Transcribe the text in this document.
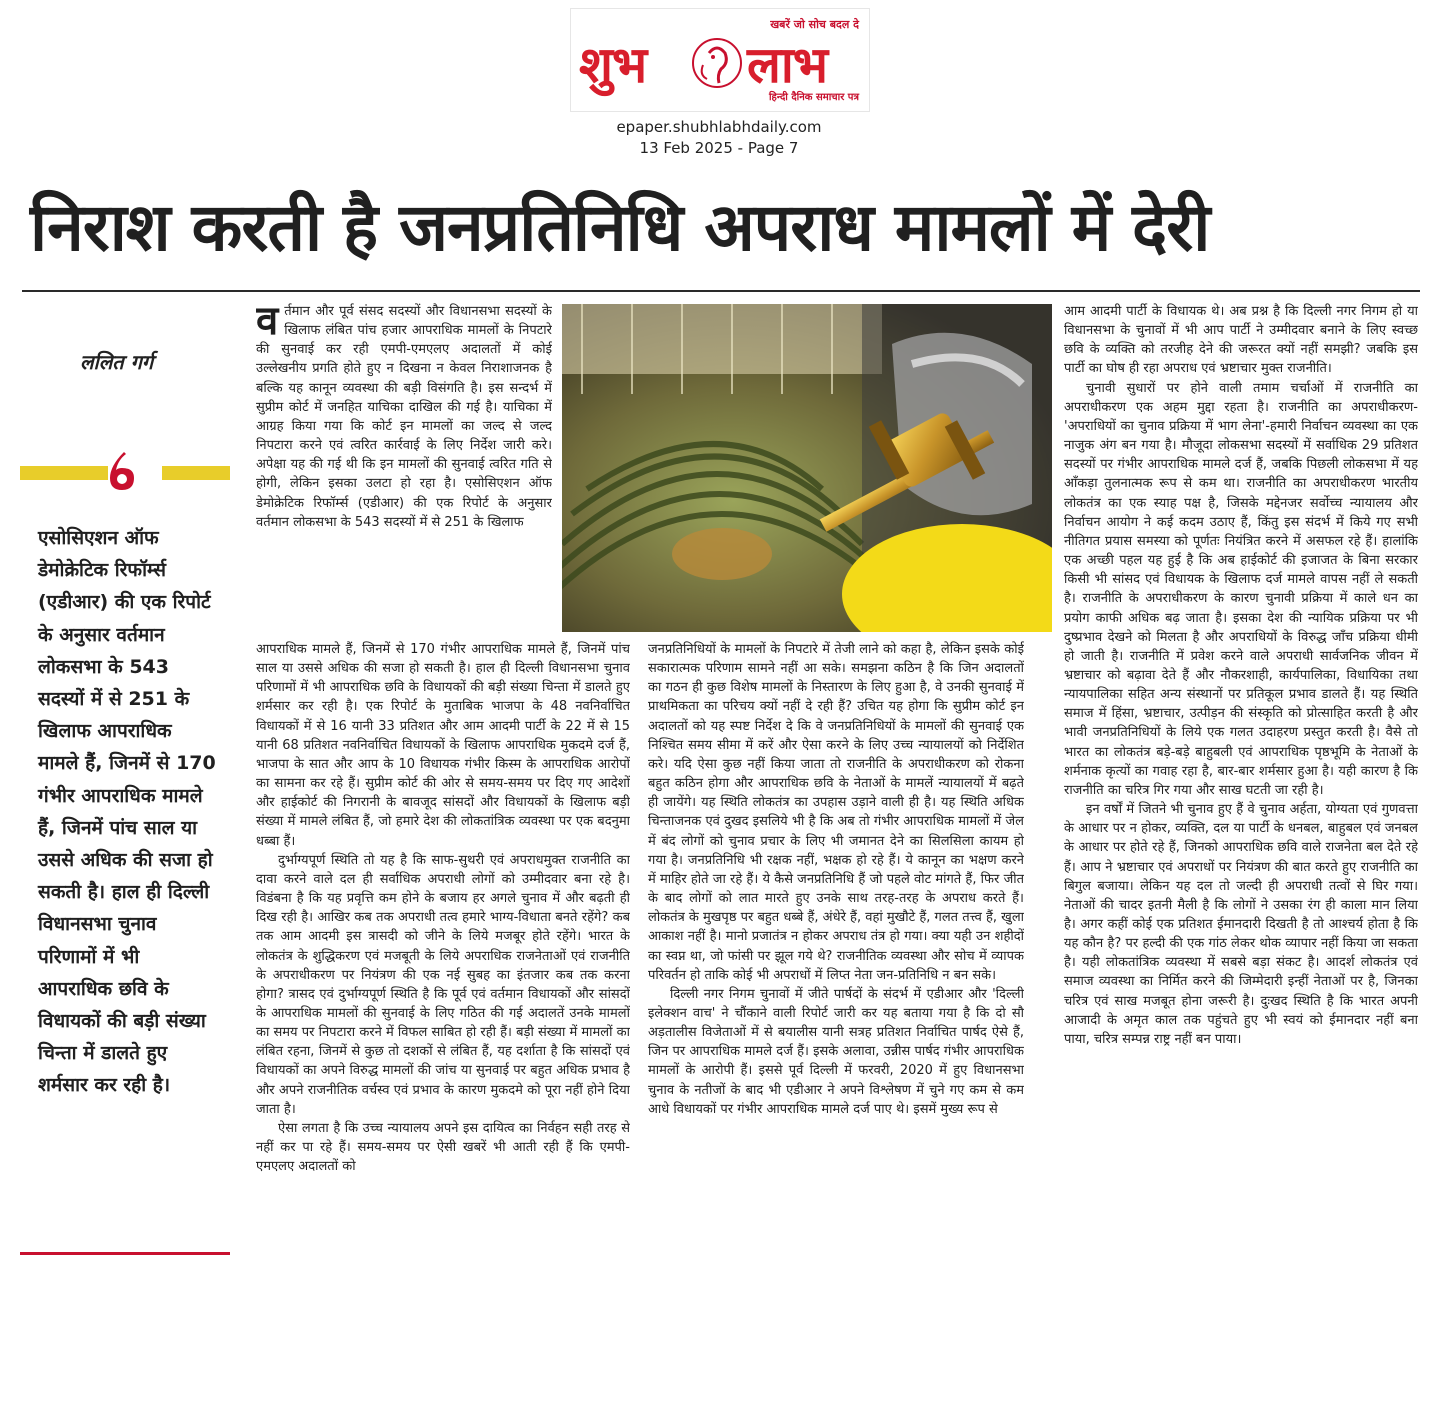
खबरें जो सोच बदल दे
शुभ लाभ
हिन्दी दैनिक समाचार पत्र
epaper.shubhlabhdaily.com
13 Feb 2025 - Page 7
निराश करती है जनप्रतिनिधि अपराध मामलों में देरी
ललित गर्ग
एसोसिएशन ऑफ डेमोक्रेटिक रिफॉर्म्स (एडीआर) की एक रिपोर्ट के अनुसार वर्तमान लोकसभा के 543 सदस्यों में से 251 के खिलाफ आपराधिक मामले हैं, जिनमें से 170 गंभीर आपराधिक मामले हैं, जिनमें पांच साल या उससे अधिक की सजा हो सकती है। हाल ही दिल्ली विधानसभा चुनाव परिणामों में भी आपराधिक छवि के विधायकों की बड़ी संख्या चिन्ता में डालते हुए शर्मसार कर रही है।

वर्तमान और पूर्व संसद सदस्यों और विधानसभा सदस्यों के खिलाफ लंबित पांच हजार आपराधिक मामलों के निपटारे की सुनवाई कर रही एमपी-एमएलए अदालतों में कोई उल्लेखनीय प्रगति होते हुए न दिखना न केवल निराशाजनक है बल्कि यह कानून व्यवस्था की बड़ी विसंगति है। इस सन्दर्भ में सुप्रीम कोर्ट में जनहित याचिका दाखिल की गई है। याचिका में आग्रह किया गया कि कोर्ट इन मामलों का जल्द से जल्द निपटारा करने एवं त्वरित कार्रवाई के लिए निर्देश जारी करे। अपेक्षा यह की गई थी कि इन मामलों की सुनवाई त्वरित गति से होगी, लेकिन इसका उलटा हो रहा है। एसोसिएशन ऑफ डेमोक्रेटिक रिफॉर्म्स (एडीआर) की एक रिपोर्ट के अनुसार वर्तमान लोकसभा के 543 सदस्यों में से 251 के खिलाफ

आपराधिक मामले हैं, जिनमें से 170 गंभीर आपराधिक मामले हैं, जिनमें पांच साल या उससे अधिक की सजा हो सकती है। हाल ही दिल्ली विधानसभा चुनाव परिणामों में भी आपराधिक छवि के विधायकों की बड़ी संख्या चिन्ता में डालते हुए शर्मसार कर रही है। एक रिपोर्ट के मुताबिक भाजपा के 48 नवनिर्वाचित विधायकों में से 16 यानी 33 प्रतिशत और आम आदमी पार्टी के 22 में से 15 यानी 68 प्रतिशत नवनिर्वाचित विधायकों के खिलाफ आपराधिक मुकदमे दर्ज हैं, भाजपा के सात और आप के 10 विधायक गंभीर किस्म के आपराधिक आरोपों का सामना कर रहे हैं। सुप्रीम कोर्ट की ओर से समय-समय पर दिए गए आदेशों और हाईकोर्ट की निगरानी के बावजूद सांसदों और विधायकों के खिलाफ बड़ी संख्या में मामले लंबित हैं, जो हमारे देश की लोकतांत्रिक व्यवस्था पर एक बदनुमा धब्बा हैं।

दुर्भाग्यपूर्ण स्थिति तो यह है कि साफ-सुथरी एवं अपराधमुक्त राजनीति का दावा करने वाले दल ही सर्वाधिक अपराधी लोगों को उम्मीदवार बना रहे है। विडंबना है कि यह प्रवृत्ति कम होने के बजाय हर अगले चुनाव में और बढ़ती ही दिख रही है। आखिर कब तक अपराधी तत्व हमारे भाग्य-विधाता बनते रहेंगे? कब तक आम आदमी इस त्रासदी को जीने के लिये मजबूर होते रहेंगे। भारत के लोकतंत्र के शुद्धिकरण एवं मजबूती के लिये अपराधिक राजनेताओं एवं राजनीति के अपराधीकरण पर नियंत्रण की एक नई सुबह का इंतजार कब तक करना होगा? त्रासद एवं दुर्भाग्यपूर्ण स्थिति है कि पूर्व एवं वर्तमान विधायकों और सांसदों के आपराधिक मामलों की सुनवाई के लिए गठित की गई अदालतें उनके मामलों का समय पर निपटारा करने में विफल साबित हो रही हैं। बड़ी संख्या में मामलों का लंबित रहना, जिनमें से कुछ तो दशकों से लंबित हैं, यह दर्शाता है कि सांसदों एवं विधायकों का अपने विरुद्ध मामलों की जांच या सुनवाई पर बहुत अधिक प्रभाव है और अपने राजनीतिक वर्चस्व एवं प्रभाव के कारण मुकदमे को पूरा नहीं होने दिया जाता है।

ऐसा लगता है कि उच्च न्यायालय अपने इस दायित्व का निर्वहन सही तरह से नहीं कर पा रहे हैं। समय-समय पर ऐसी खबरें भी आती रही हैं कि एमपी-एमएलए अदालतों को

जनप्रतिनिधियों के मामलों के निपटारे में तेजी लाने को कहा है, लेकिन इसके कोई सकारात्मक परिणाम सामने नहीं आ सके। समझना कठिन है कि जिन अदालतों का गठन ही कुछ विशेष मामलों के निस्तारण के लिए हुआ है, वे उनकी सुनवाई में प्राथमिकता का परिचय क्यों नहीं दे रही हैं? उचित यह होगा कि सुप्रीम कोर्ट इन अदालतों को यह स्पष्ट निर्देश दे कि वे जनप्रतिनिधियों के मामलों की सुनवाई एक निश्चित समय सीमा में करें और ऐसा करने के लिए उच्च न्यायालयों को निर्देशित करे। यदि ऐसा कुछ नहीं किया जाता तो राजनीति के अपराधीकरण को रोकना बहुत कठिन होगा और आपराधिक छवि के नेताओं के मामलें न्यायालयों में बढ़ते ही जायेंगे। यह स्थिति लोकतंत्र का उपहास उड़ाने वाली ही है। यह स्थिति अधिक चिन्ताजनक एवं दुखद इसलिये भी है कि अब तो गंभीर आपराधिक मामलों में जेल में बंद लोगों को चुनाव प्रचार के लिए भी जमानत देने का सिलसिला कायम हो गया है। जनप्रतिनिधि भी रक्षक नहीं, भक्षक हो रहे हैं। ये कानून का भक्षण करने में माहिर होते जा रहे हैं। ये कैसे जनप्रतिनिधि हैं जो पहले वोट मांगते हैं, फिर जीत के बाद लोगों को लात मारते हुए उनके साथ तरह-तरह के अपराध करते हैं। लोकतंत्र के मुखपृष्ठ पर बहुत धब्बे हैं, अंधेरे हैं, वहां मुखौटे हैं, गलत तत्त्व हैं, खुला आकाश नहीं है। मानो प्रजातंत्र न होकर अपराध तंत्र हो गया। क्या यही उन शहीदों का स्वप्न था, जो फांसी पर झूल गये थे? राजनीतिक व्यवस्था और सोच में व्यापक परिवर्तन हो ताकि कोई भी अपराधों में लिप्त नेता जन-प्रतिनिधि न बन सके।

दिल्ली नगर निगम चुनावों में जीते पार्षदों के संदर्भ में एडीआर और 'दिल्ली इलेक्शन वाच' ने चौंकाने वाली रिपोर्ट जारी कर यह बताया गया है कि दो सौ अड़तालीस विजेताओं में से बयालीस यानी सत्रह प्रतिशत निर्वाचित पार्षद ऐसे हैं, जिन पर आपराधिक मामले दर्ज हैं। इसके अलावा, उन्नीस पार्षद गंभीर आपराधिक मामलों के आरोपी हैं। इससे पूर्व दिल्ली में फरवरी, 2020 में हुए विधानसभा चुनाव के नतीजों के बाद भी एडीआर ने अपने विश्लेषण में चुने गए कम से कम आधे विधायकों पर गंभीर आपराधिक मामले दर्ज पाए थे। इसमें मुख्य रूप से

आम आदमी पार्टी के विधायक थे। अब प्रश्न है कि दिल्ली नगर निगम हो या विधानसभा के चुनावों में भी आप पार्टी ने उम्मीदवार बनाने के लिए स्वच्छ छवि के व्यक्ति को तरजीह देने की जरूरत क्यों नहीं समझी? जबकि इस पार्टी का घोष ही रहा अपराध एवं भ्रष्टाचार मुक्त राजनीति।

चुनावी सुधारों पर होने वाली तमाम चर्चाओं में राजनीति का अपराधीकरण एक अहम मुद्दा रहता है। राजनीति का अपराधीकरण-'अपराधियों का चुनाव प्रक्रिया में भाग लेना'-हमारी निर्वाचन व्यवस्था का एक नाजुक अंग बन गया है। मौजूदा लोकसभा सदस्यों में सर्वाधिक 29 प्रतिशत सदस्यों पर गंभीर आपराधिक मामले दर्ज हैं, जबकि पिछली लोकसभा में यह आँकड़ा तुलनात्मक रूप से कम था। राजनीति का अपराधीकरण भारतीय लोकतंत्र का एक स्याह पक्ष है, जिसके मद्देनजर सर्वोच्च न्यायालय और निर्वाचन आयोग ने कई कदम उठाए हैं, किंतु इस संदर्भ में किये गए सभी नीतिगत प्रयास समस्या को पूर्णतः नियंत्रित करने में असफल रहे हैं। हालांकि एक अच्छी पहल यह हुई है कि अब हाईकोर्ट की इजाजत के बिना सरकार किसी भी सांसद एवं विधायक के खिलाफ दर्ज मामले वापस नहीं ले सकती है। राजनीति के अपराधीकरण के कारण चुनावी प्रक्रिया में काले धन का प्रयोग काफी अधिक बढ़ जाता है। इसका देश की न्यायिक प्रक्रिया पर भी दुष्प्रभाव देखने को मिलता है और अपराधियों के विरुद्ध जाँच प्रक्रिया धीमी हो जाती है। राजनीति में प्रवेश करने वाले अपराधी सार्वजनिक जीवन में भ्रष्टाचार को बढ़ावा देते हैं और नौकरशाही, कार्यपालिका, विधायिका तथा न्यायपालिका सहित अन्य संस्थानों पर प्रतिकूल प्रभाव डालते हैं। यह स्थिति समाज में हिंसा, भ्रष्टाचार, उत्पीड़न की संस्कृति को प्रोत्साहित करती है और भावी जनप्रतिनिधियों के लिये एक गलत उदाहरण प्रस्तुत करती है। वैसे तो भारत का लोकतंत्र बड़े-बड़े बाहुबली एवं आपराधिक पृष्ठभूमि के नेताओं के शर्मनाक कृत्यों का गवाह रहा है, बार-बार शर्मसार हुआ है। यही कारण है कि राजनीति का चरित्र गिर गया और साख घटती जा रही है।

इन वर्षों में जितने भी चुनाव हुए हैं वे चुनाव अर्हता, योग्यता एवं गुणवत्ता के आधार पर न होकर, व्यक्ति, दल या पार्टी के धनबल, बाहुबल एवं जनबल के आधार पर होते रहे हैं, जिनको आपराधिक छवि वाले राजनेता बल देते रहे हैं। आप ने भ्रष्टाचार एवं अपराधों पर नियंत्रण की बात करते हुए राजनीति का बिगुल बजाया। लेकिन यह दल तो जल्दी ही अपराधी तत्वों से घिर गया। नेताओं की चादर इतनी मैली है कि लोगों ने उसका रंग ही काला मान लिया है। अगर कहीं कोई एक प्रतिशत ईमानदारी दिखती है तो आश्चर्य होता है कि यह कौन है? पर हल्दी की एक गांठ लेकर थोक व्यापार नहीं किया जा सकता है। यही लोकतांत्रिक व्यवस्था में सबसे बड़ा संकट है। आदर्श लोकतंत्र एवं समाज व्यवस्था का निर्मित करने की जिम्मेदारी इन्हीं नेताओं पर है, जिनका चरित्र एवं साख मजबूत होना जरूरी है। दुःखद स्थिति है कि भारत अपनी आजादी के अमृत काल तक पहुंचते हुए भी स्वयं को ईमानदार नहीं बना पाया, चरित्र सम्पन्न राष्ट्र नहीं बन पाया।
